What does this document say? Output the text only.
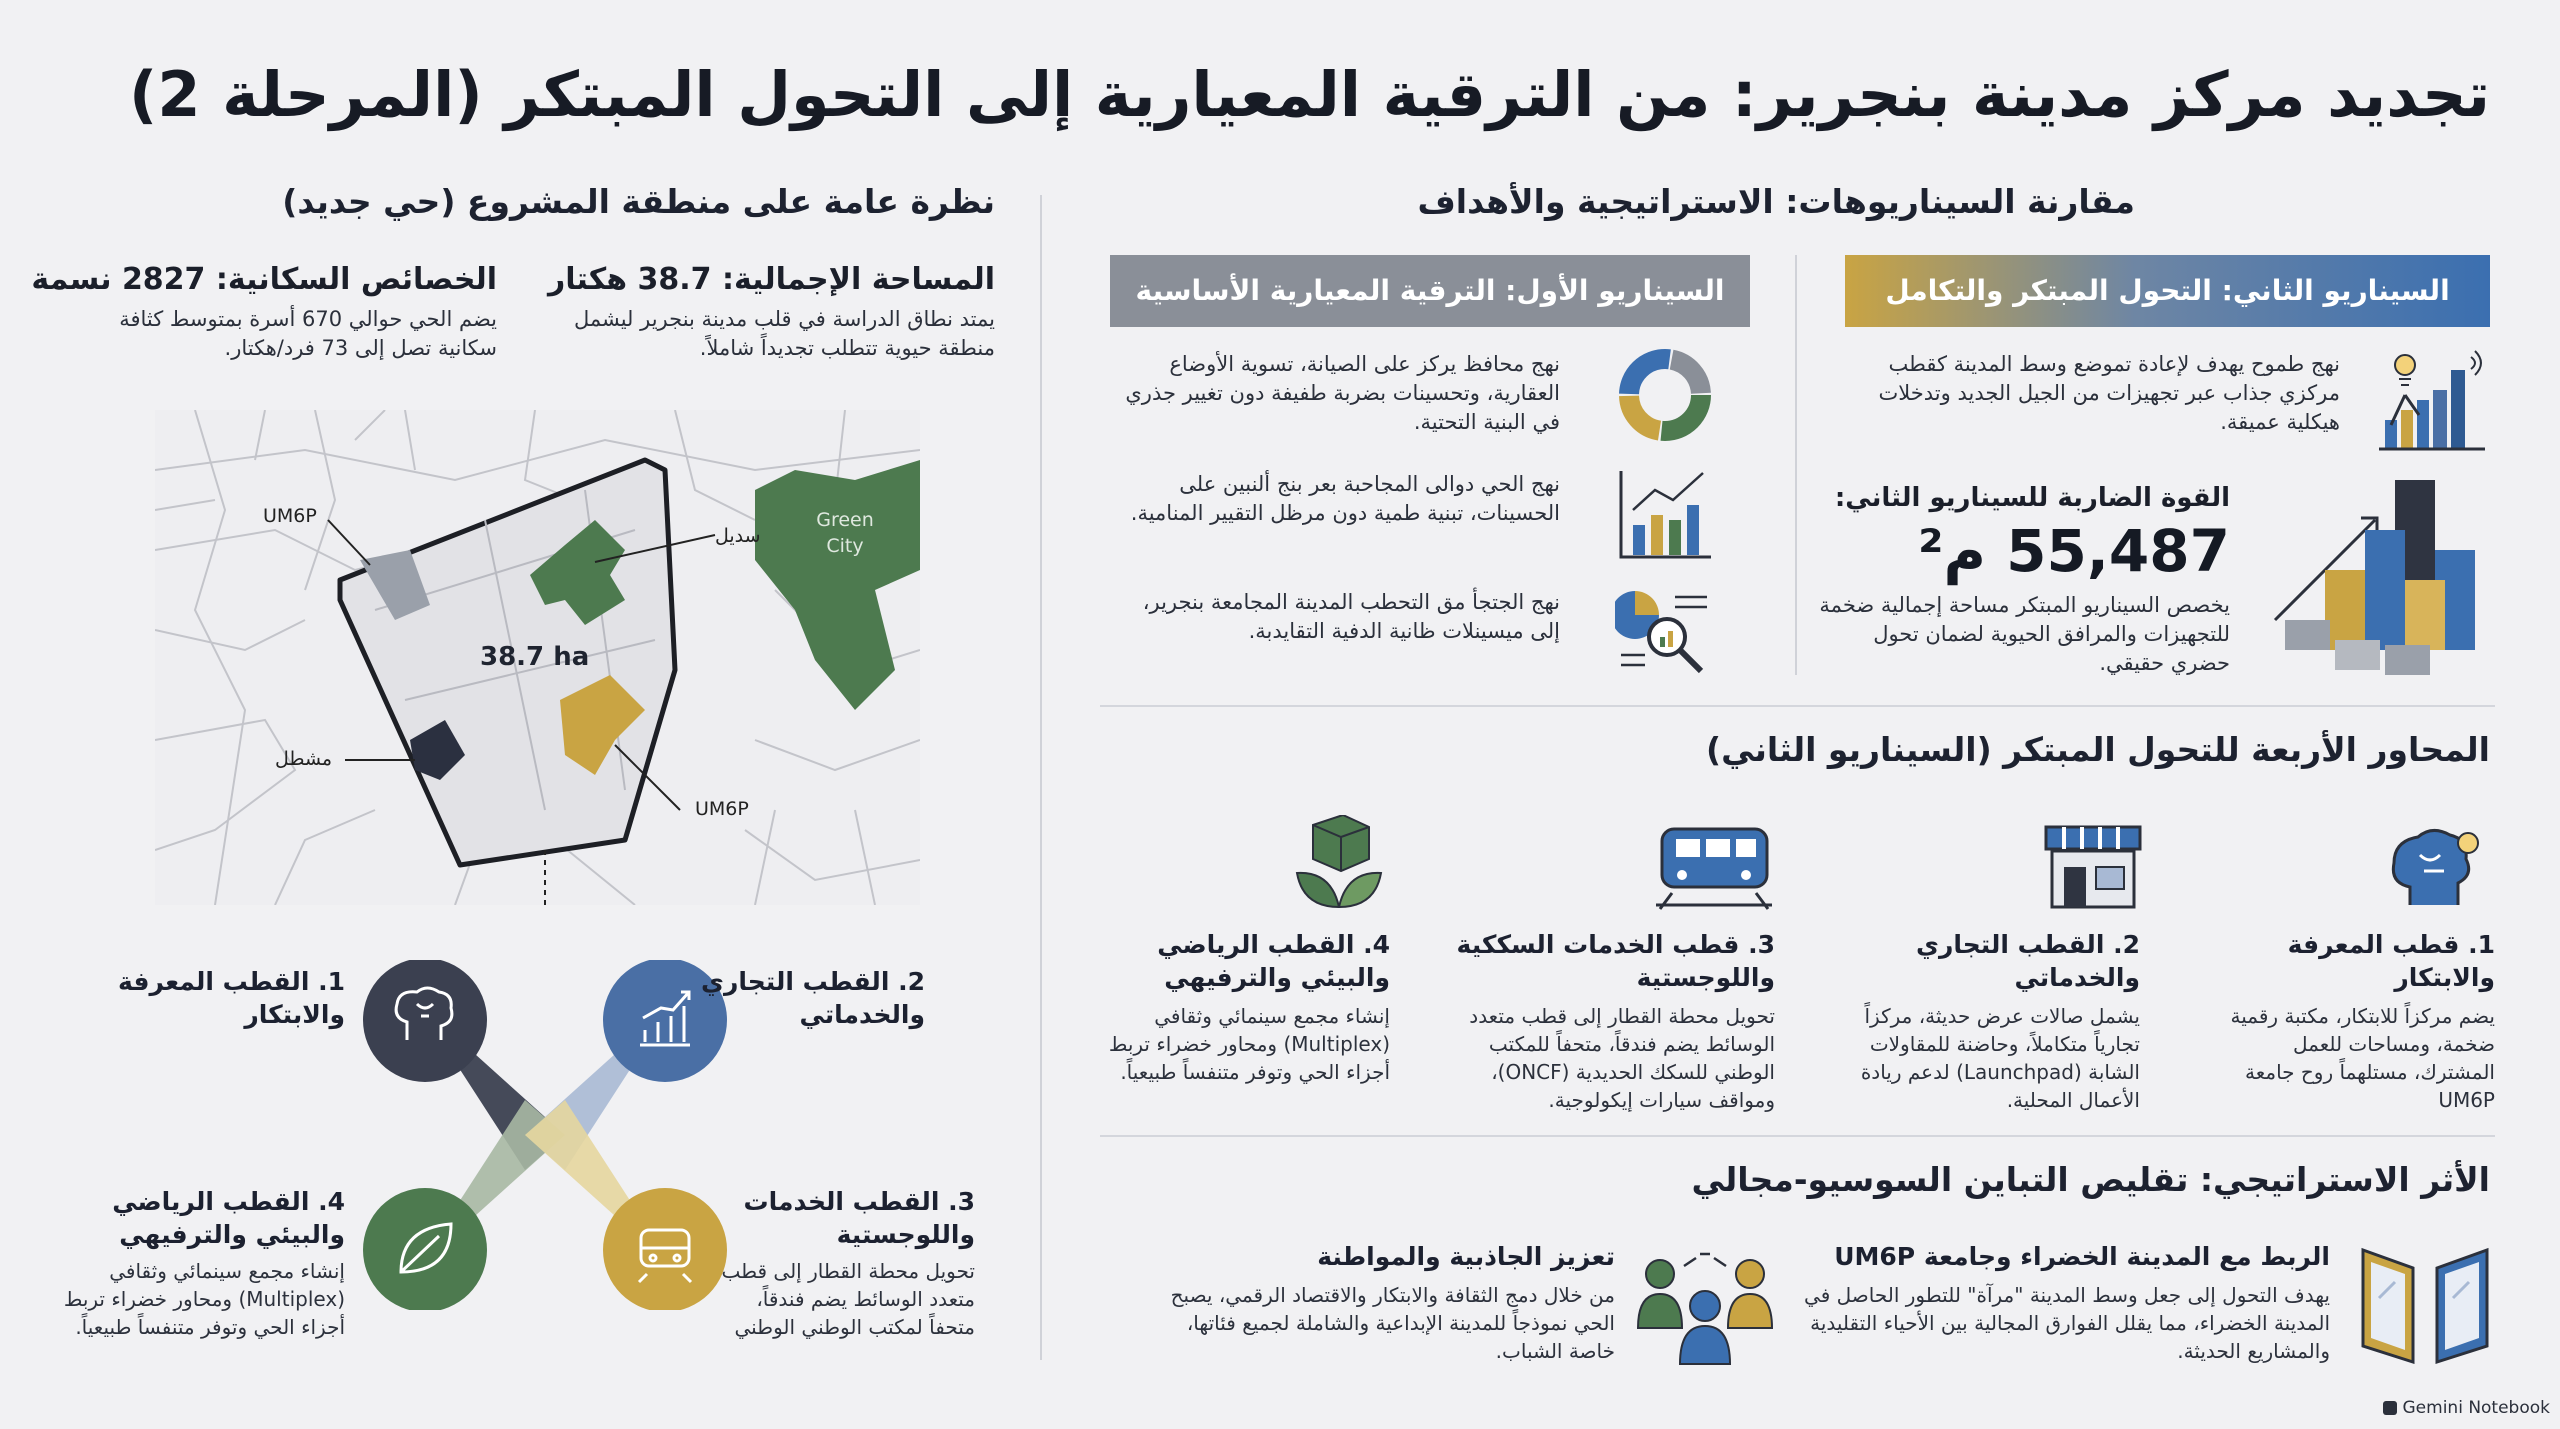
تجديد مركز مدينة بنجرير: من الترقية المعيارية إلى التحول المبتكر (المرحلة 2)
نظرة عامة على منطقة المشروع (حي جديد)
المساحة الإجمالية: 38.7 هكتار
يمتد نطاق الدراسة في قلب مدينة بنجرير ليشمل منطقة حيوية تتطلب تجديداً شاملاً.
الخصائص السكانية: 2827 نسمة
يضم الحي حوالي 670 أسرة بمتوسط كثافة سكانية تصل إلى 73 فرد/هكتار.
UM6P
سديل
Green City
38.7 ha
مشطل
UM6P
1. القطب المعرفة والابتكار
2. القطب التجاري والخدماتي
4. القطب الرياضي والبيئي والترفيهي
إنشاء مجمع سينمائي وثقافي (Multiplex) ومحاور خضراء تربط أجزاء الحي وتوفر متنفساً طبيعياً.
3. القطب الخدمات واللوجستية
تحويل محطة القطار إلى قطب متعدد الوسائط يضم فندقاً، متحفاً لمكتب الوطني الوطني
مقارنة السيناريوهات: الاستراتيجية والأهداف
السيناريو الثاني: التحول المبتكر والتكامل
السيناريو الأول: الترقية المعيارية الأساسية
نهج طموح يهدف لإعادة تموضع وسط المدينة كقطب مركزي جذاب عبر تجهيزات من الجيل الجديد وتدخلات هيكلية عميقة.
القوة الضاربة للسيناريو الثاني:
55,487 م²
يخصص السيناريو المبتكر مساحة إجمالية ضخمة للتجهيزات والمرافق الحيوية لضمان تحول حضري حقيقي.
نهج محافظ يركز على الصيانة، تسوية الأوضاع العقارية، وتحسينات بضربة طفيفة دون تغيير جذري في البنية التحتية.
نهج الحي دوالى المجا‌حبة بعر بنج ألنبين على الحسينات، تبنية طمية دون مرظل التقيير المنامية.
نهج الجتجأ مق التحطب المدينة المجامعة بنجرير، إلى ميسينلات ظانية الدفية التقايدبة.
المحاور الأربعة للتحول المبتكر (السيناريو الثاني)
1. قطب المعرفة والابتكار
يضم مركزاً للابتكار، مكتبة رقمية ضخمة، ومساحات للعمل المشترك، مستلهماً روح جامعة UM6P
2. القطب التجاري والخدماتي
يشمل صالات عرض حديثة، مركزاً تجارياً متكاملاً، وحاضنة للمقاولات الشابة (Launchpad) لدعم ريادة الأعمال المحلية.
3. قطب الخدمات السككية واللوجستية
تحويل محطة القطار إلى قطب متعدد الوسائط يضم فندقاً، متحفاً للمكتب الوطني للسكك الحديدية (ONCF)، ومواقف سيارات إيكولوجية.
4. القطب الرياضي والبيئي والترفيهي
إنشاء مجمع سينمائي وثقافي (Multiplex) ومحاور خضراء تربط أجزاء الحي وتوفر متنفساً طبيعياً.
الأثر الاستراتيجي: تقليص التباين السوسيو-مجالي
الربط مع المدينة الخضراء وجامعة UM6P
يهدف التحول إلى جعل وسط المدينة "مرآة" للتطور الحاصل في المدينة الخضراء، مما يقلل الفوارق المجالية بين الأحياء التقليدية والمشاريع الحديثة.
تعزيز الجاذبية والمواطنة
من خلال دمج الثقافة والابتكار والاقتصاد الرقمي، يصبح الحي نموذجاً للمدينة الإبداعية والشاملة لجميع فئاتها، خاصة الشباب.
Gemini Notebook
